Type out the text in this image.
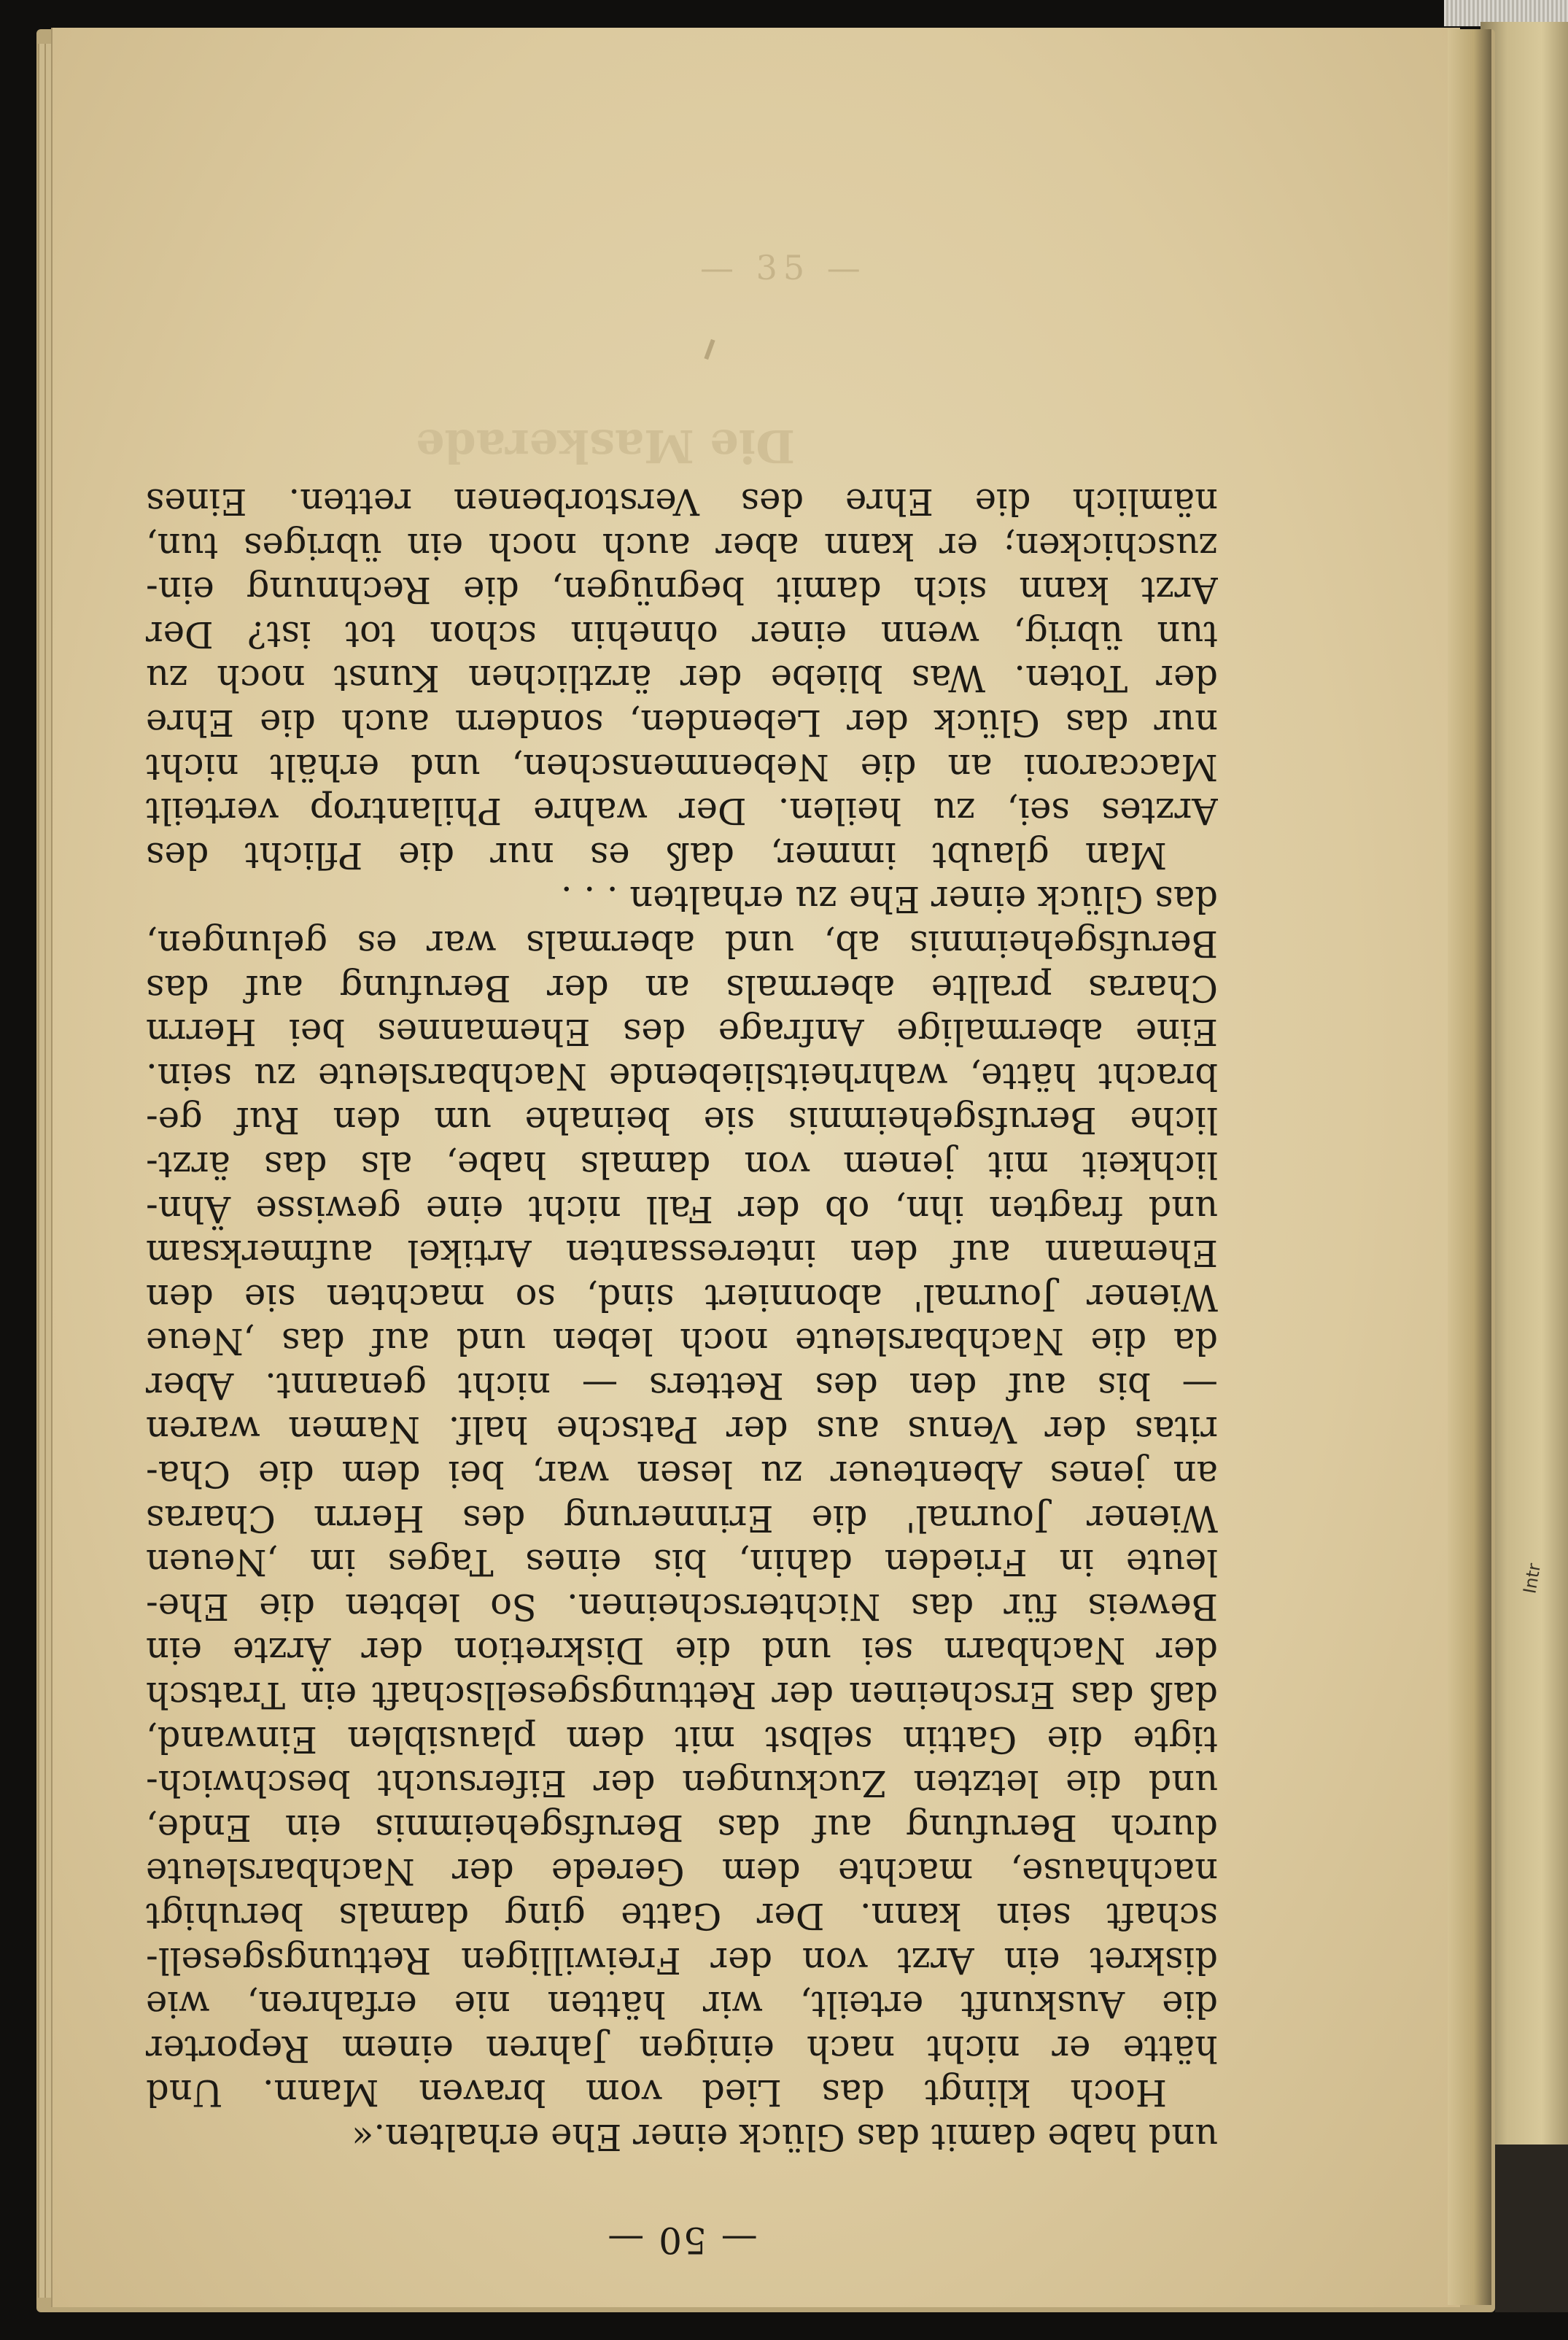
— 35 —
Die Maskerade
Intr
— 50 —
und habe damit das Glück einer Ehe erhalten.«
Hoch klingt das Lied vom braven Mann. Und
hätte er nicht nach einigen Jahren einem Reporter
die Auskunft erteilt, wir hätten nie erfahren, wie
diskret ein Arzt von der Freiwilligen Rettungsgesell-
schaft sein kann. Der Gatte ging damals beruhigt
nachhause, machte dem Gerede der Nachbarsleute
durch Berufung auf das Berufsgeheimnis ein Ende,
und die letzten Zuckungen der Eifersucht beschwich-
tigte die Gattin selbst mit dem plausiblen Einwand,
daß das Erscheinen der Rettungsgesellschaft ein Tratsch
der Nachbarn sei und die Diskretion der Ärzte ein
Beweis für das Nichterscheinen. So lebten die Ehe-
leute in Frieden dahin, bis eines Tages im ‚Neuen
Wiener Journal' die Erinnerung des Herrn Charas
an jenes Abenteuer zu lesen war, bei dem die Cha-
ritas der Venus aus der Patsche half. Namen waren
— bis auf den des Retters — nicht genannt. Aber
da die Nachbarsleute noch leben und auf das ‚Neue
Wiener Journal' abonniert sind, so machten sie den
Ehemann auf den interessanten Artikel aufmerksam
und fragten ihn, ob der Fall nicht eine gewisse Ähn-
lichkeit mit jenem von damals habe, als das ärzt-
liche Berufsgeheimnis sie beinahe um den Ruf ge-
bracht hätte, wahrheitsliebende Nachbarsleute zu sein.
Eine abermalige Anfrage des Ehemannes bei Herrn
Charas prallte abermals an der Berufung auf das
Berufsgeheimnis ab, und abermals war es gelungen,
das Glück einer Ehe zu erhalten . . .
Man glaubt immer, daß es nur die Pflicht des
Arztes sei, zu heilen. Der wahre Philantrop verteilt
Maccaroni an die Nebenmenschen, und erhält nicht
nur das Glück der Lebenden, sondern auch die Ehre
der Toten. Was bliebe der ärztlichen Kunst noch zu
tun übrig, wenn einer ohnehin schon tot ist? Der
Arzt kann sich damit begnügen, die Rechnung ein-
zuschicken; er kann aber auch noch ein übriges tun,
nämlich die Ehre des Verstorbenen retten. Eines
